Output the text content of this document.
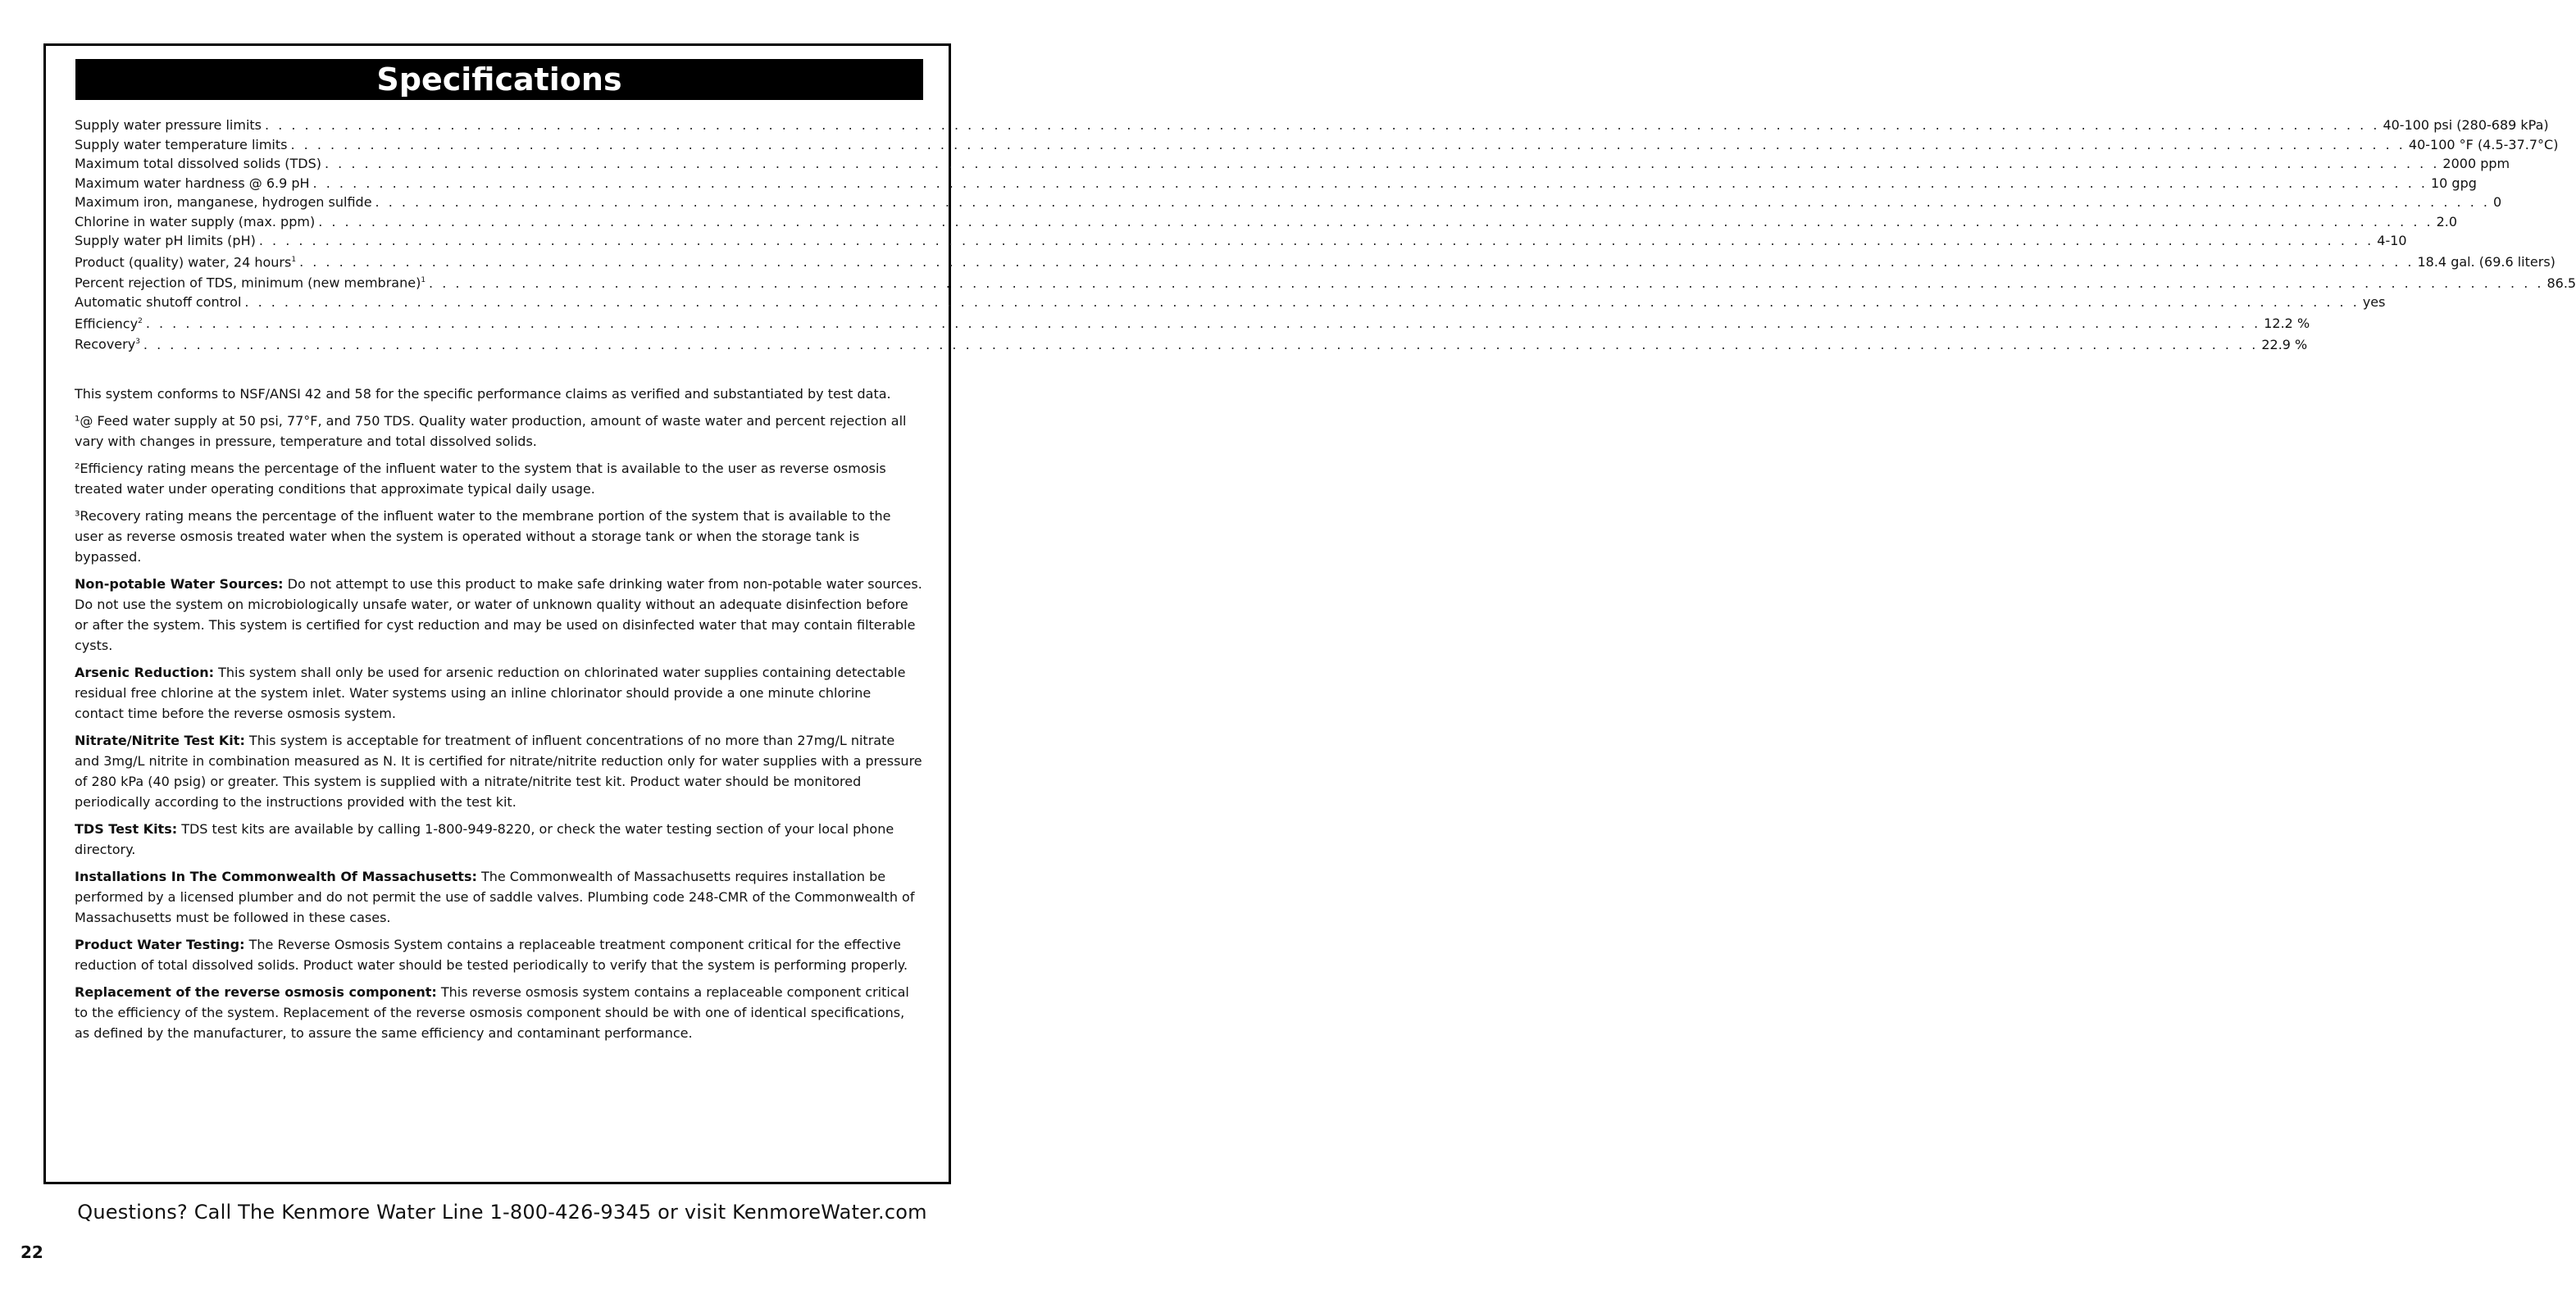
Specifications
Supply water pressure limits . . . . . . . . . . . . . . . . . . . . . . . . . . . . . . . . . . . . . . . . . . . . . . . . . . . . . . . . . . . . . . . . . . . . . . . . . . . . . . . . . . . . . . . . . . . . . . . . . . . . . . . . . . . . . . . . . . . . . . . . . . . . . . . . . . . . . . . . . . . . . . . . . . . . . . . . . . . . . . . . 40-100 psi (280-689 kPa)
Supply water temperature limits . . . . . . . . . . . . . . . . . . . . . . . . . . . . . . . . . . . . . . . . . . . . . . . . . . . . . . . . . . . . . . . . . . . . . . . . . . . . . . . . . . . . . . . . . . . . . . . . . . . . . . . . . . . . . . . . . . . . . . . . . . . . . . . . . . . . . . . . . . . . . . . . . . . . . . . . . . . . . . . . 40-100 °F (4.5-37.7°C)
Maximum total dissolved solids (TDS) . . . . . . . . . . . . . . . . . . . . . . . . . . . . . . . . . . . . . . . . . . . . . . . . . . . . . . . . . . . . . . . . . . . . . . . . . . . . . . . . . . . . . . . . . . . . . . . . . . . . . . . . . . . . . . . . . . . . . . . . . . . . . . . . . . . . . . . . . . . . . . . . . . . . . . . . . . . . . . . . 2000 ppm
Maximum water hardness @ 6.9 pH . . . . . . . . . . . . . . . . . . . . . . . . . . . . . . . . . . . . . . . . . . . . . . . . . . . . . . . . . . . . . . . . . . . . . . . . . . . . . . . . . . . . . . . . . . . . . . . . . . . . . . . . . . . . . . . . . . . . . . . . . . . . . . . . . . . . . . . . . . . . . . . . . . . . . . . . . . . . . . . . 10 gpg
Maximum iron, manganese, hydrogen sulfide . . . . . . . . . . . . . . . . . . . . . . . . . . . . . . . . . . . . . . . . . . . . . . . . . . . . . . . . . . . . . . . . . . . . . . . . . . . . . . . . . . . . . . . . . . . . . . . . . . . . . . . . . . . . . . . . . . . . . . . . . . . . . . . . . . . . . . . . . . . . . . . . . . . . . . . . . . . . . . . . 0
Chlorine in water supply (max. ppm) . . . . . . . . . . . . . . . . . . . . . . . . . . . . . . . . . . . . . . . . . . . . . . . . . . . . . . . . . . . . . . . . . . . . . . . . . . . . . . . . . . . . . . . . . . . . . . . . . . . . . . . . . . . . . . . . . . . . . . . . . . . . . . . . . . . . . . . . . . . . . . . . . . . . . . . . . . . . . . . . 2.0
Supply water pH limits (pH) . . . . . . . . . . . . . . . . . . . . . . . . . . . . . . . . . . . . . . . . . . . . . . . . . . . . . . . . . . . . . . . . . . . . . . . . . . . . . . . . . . . . . . . . . . . . . . . . . . . . . . . . . . . . . . . . . . . . . . . . . . . . . . . . . . . . . . . . . . . . . . . . . . . . . . . . . . . . . . . . 4-10
Product (quality) water, 24 hours$^1$ . . . . . . . . . . . . . . . . . . . . . . . . . . . . . . . . . . . . . . . . . . . . . . . . . . . . . . . . . . . . . . . . . . . . . . . . . . . . . . . . . . . . . . . . . . . . . . . . . . . . . . . . . . . . . . . . . . . . . . . . . . . . . . . . . . . . . . . . . . . . . . . . . . . . . . . . . . . . . . . . 18.4 gal. (69.6 liters)
Percent rejection of TDS, minimum (new membrane)$^1$ . . . . . . . . . . . . . . . . . . . . . . . . . . . . . . . . . . . . . . . . . . . . . . . . . . . . . . . . . . . . . . . . . . . . . . . . . . . . . . . . . . . . . . . . . . . . . . . . . . . . . . . . . . . . . . . . . . . . . . . . . . . . . . . . . . . . . . . . . . . . . . . . . . . . . . . . . . . . . . . . 86.5
Automatic shutoff control . . . . . . . . . . . . . . . . . . . . . . . . . . . . . . . . . . . . . . . . . . . . . . . . . . . . . . . . . . . . . . . . . . . . . . . . . . . . . . . . . . . . . . . . . . . . . . . . . . . . . . . . . . . . . . . . . . . . . . . . . . . . . . . . . . . . . . . . . . . . . . . . . . . . . . . . . . . . . . . . yes
Efficiency$^2$ . . . . . . . . . . . . . . . . . . . . . . . . . . . . . . . . . . . . . . . . . . . . . . . . . . . . . . . . . . . . . . . . . . . . . . . . . . . . . . . . . . . . . . . . . . . . . . . . . . . . . . . . . . . . . . . . . . . . . . . . . . . . . . . . . . . . . . . . . . . . . . . . . . . . . . . . . . . . . . . . 12.2 %
Recovery$^3$ . . . . . . . . . . . . . . . . . . . . . . . . . . . . . . . . . . . . . . . . . . . . . . . . . . . . . . . . . . . . . . . . . . . . . . . . . . . . . . . . . . . . . . . . . . . . . . . . . . . . . . . . . . . . . . . . . . . . . . . . . . . . . . . . . . . . . . . . . . . . . . . . . . . . . . . . . . . . . . . . 22.9 %

This system conforms to NSF/ANSI 42 and 58 for the specific performance claims as verified and substantiated by test data.

¹@ Feed water supply at 50 psi, 77°F, and 750 TDS. Quality water production, amount of waste water and percent rejection all vary with changes in pressure, temperature and total dissolved solids.

²Efficiency rating means the percentage of the influent water to the system that is available to the user as reverse osmosis treated water under operating conditions that approximate typical daily usage.

³Recovery rating means the percentage of the influent water to the membrane portion of the system that is available to the user as reverse osmosis treated water when the system is operated without a storage tank or when the storage tank is bypassed.

Non-potable Water Sources: Do not attempt to use this product to make safe drinking water from non-potable water sources. Do not use the system on microbiologically unsafe water, or water of unknown quality without an adequate disinfection before or after the system. This system is certified for cyst reduction and may be used on disinfected water that may contain filterable cysts.

Arsenic Reduction: This system shall only be used for arsenic reduction on chlorinated water supplies containing detectable residual free chlorine at the system inlet. Water systems using an inline chlorinator should provide a one minute chlorine contact time before the reverse osmosis system.

Nitrate/Nitrite Test Kit: This system is acceptable for treatment of influent concentrations of no more than 27mg/L nitrate and 3mg/L nitrite in combination measured as N. It is certified for nitrate/nitrite reduction only for water supplies with a pressure of 280 kPa (40 psig) or greater. This system is supplied with a nitrate/nitrite test kit. Product water should be monitored periodically according to the instructions provided with the test kit.

TDS Test Kits: TDS test kits are available by calling 1-800-949-8220, or check the water testing section of your local phone directory.

Installations In The Commonwealth Of Massachusetts: The Commonwealth of Massachusetts requires installation be performed by a licensed plumber and do not permit the use of saddle valves. Plumbing code 248-CMR of the Commonwealth of Massachusetts must be followed in these cases.

Product Water Testing: The Reverse Osmosis System contains a replaceable treatment component critical for the effective reduction of total dissolved solids. Product water should be tested periodically to verify that the system is performing properly.

Replacement of the reverse osmosis component: This reverse osmosis system contains a replaceable component critical to the efficiency of the system. Replacement of the reverse osmosis component should be with one of identical specifications, as defined by the manufacturer, to assure the same efficiency and contaminant performance.

Questions? Call The Kenmore Water Line 1-800-426-9345 or visit KenmoreWater.com
22
